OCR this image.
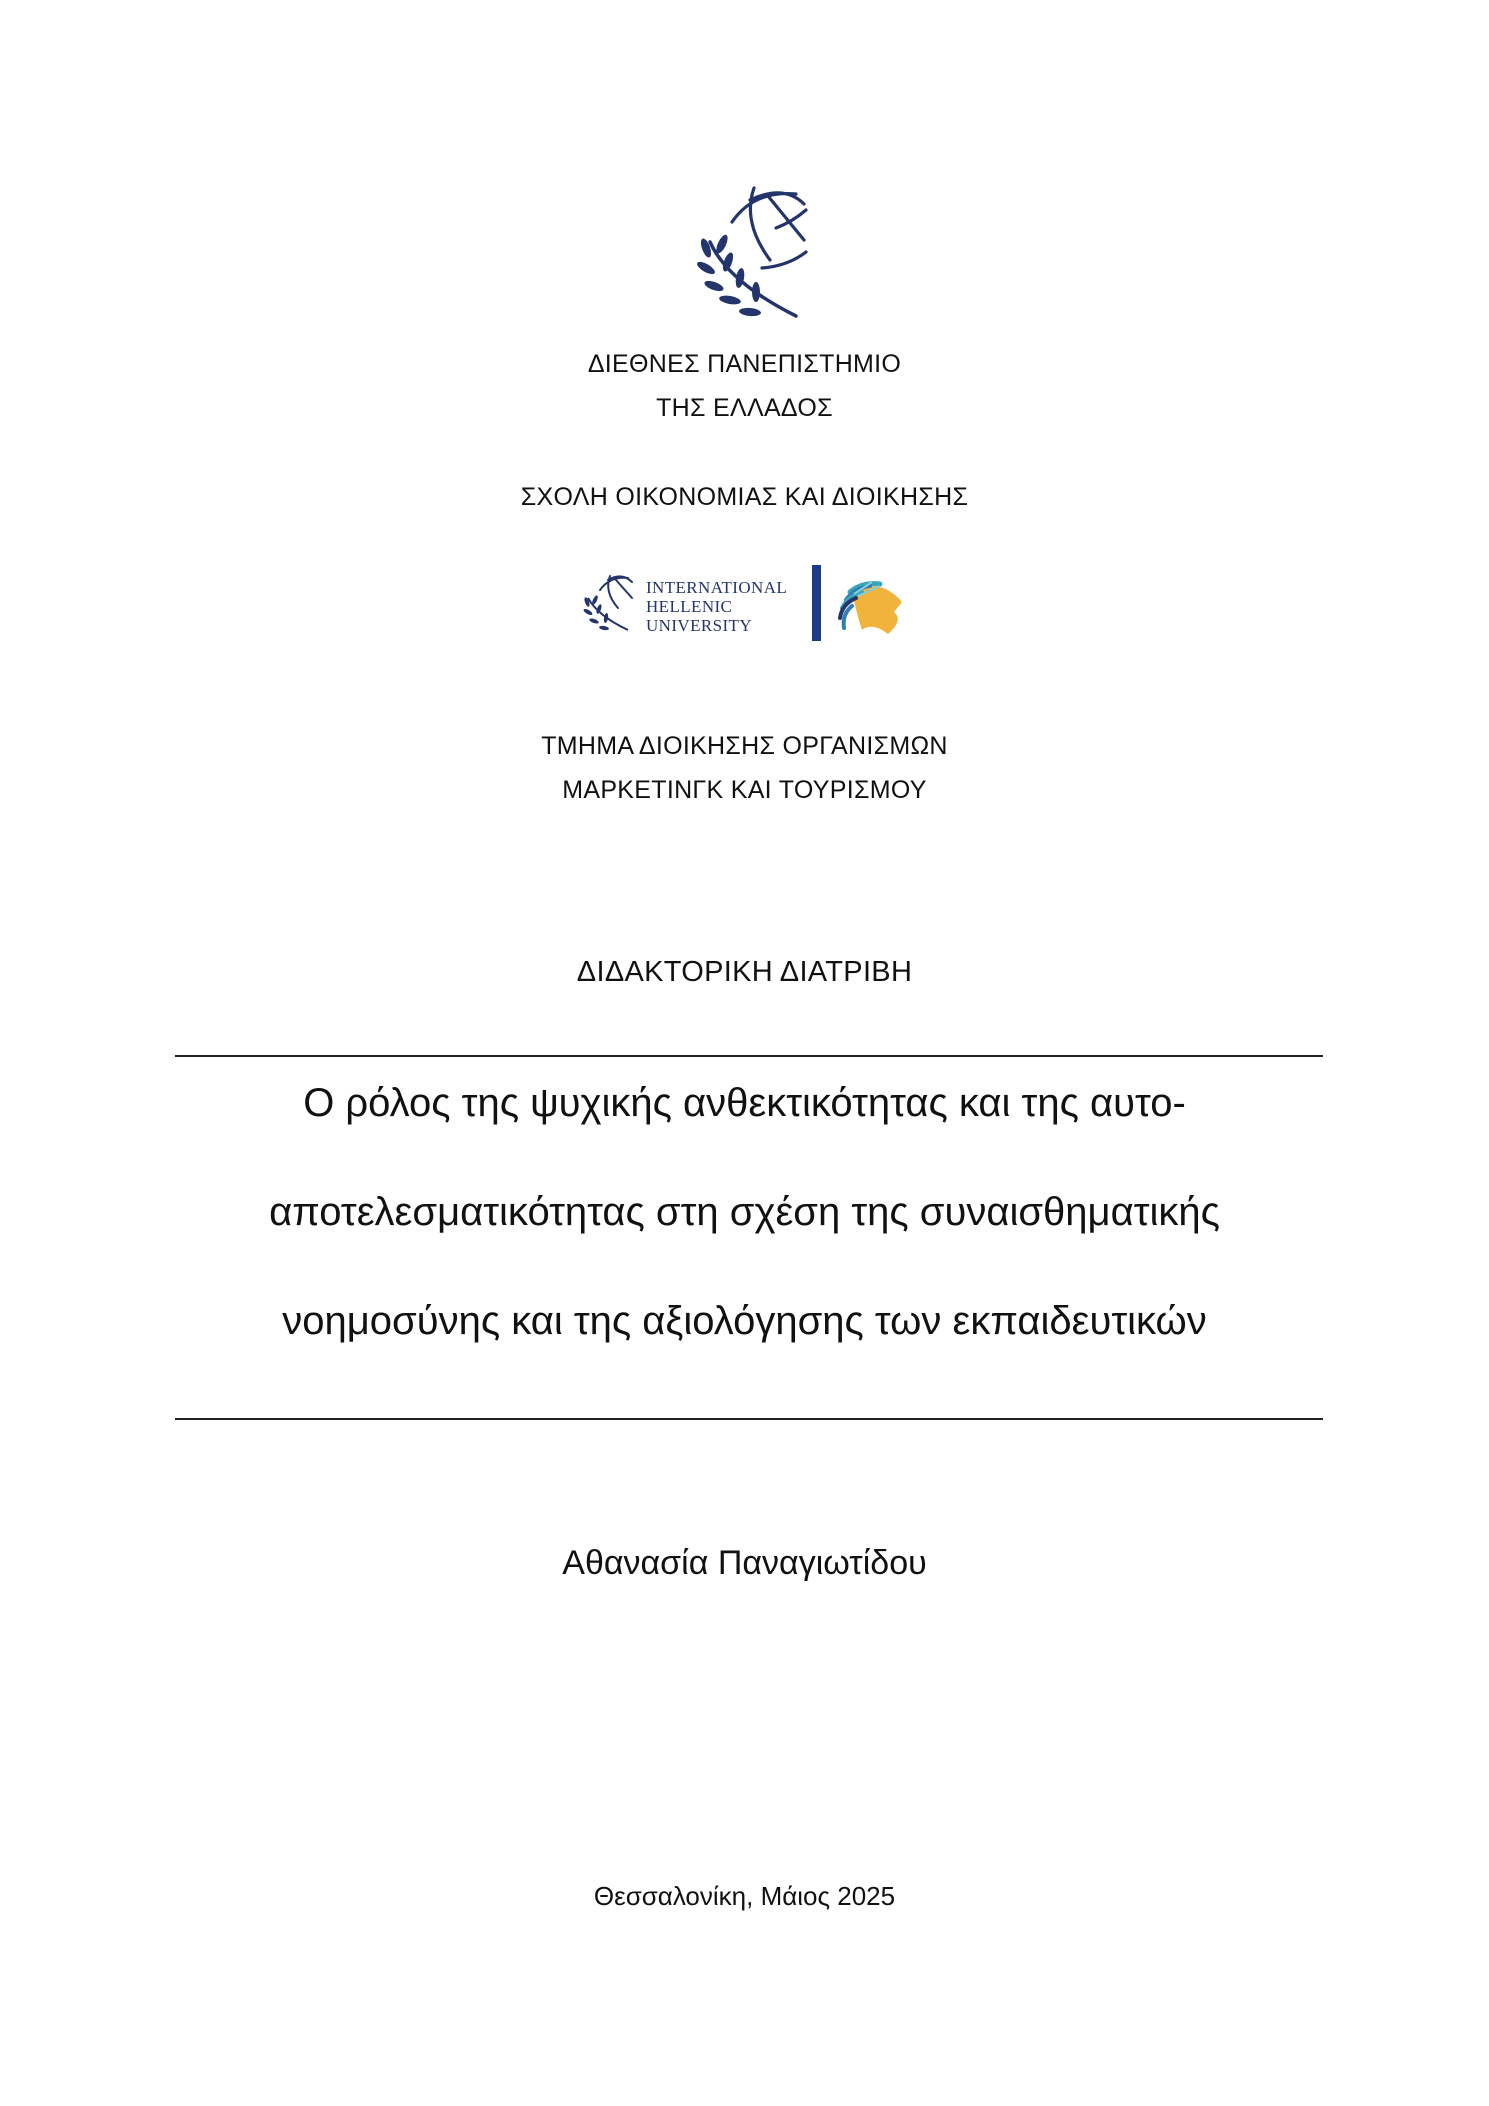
ΔΙΕΘΝΕΣ ΠΑΝΕΠΙΣΤΗΜΙΟ
ΤΗΣ ΕΛΛΑΔΟΣ
ΣΧΟΛΗ ΟΙΚΟΝΟΜΙΑΣ ΚΑΙ ΔΙΟΙΚΗΣΗΣ
INTERNATIONAL
HELLENIC
UNIVERSITY
ΤΜΗΜΑ ΔΙΟΙΚΗΣΗΣ ΟΡΓΑΝΙΣΜΩΝ
ΜΑΡΚΕΤΙΝΓΚ ΚΑΙ ΤΟΥΡΙΣΜΟΥ
ΔΙΔΑΚΤΟΡΙΚΗ ΔΙΑΤΡΙΒΗ
Ο ρόλος της ψυχικής ανθεκτικότητας και της αυτο-
αποτελεσματικότητας στη σχέση της συναισθηματικής
νοημοσύνης και της αξιολόγησης των εκπαιδευτικών
Αθανασία Παναγιωτίδου
Θεσσαλονίκη, Μάιος 2025
